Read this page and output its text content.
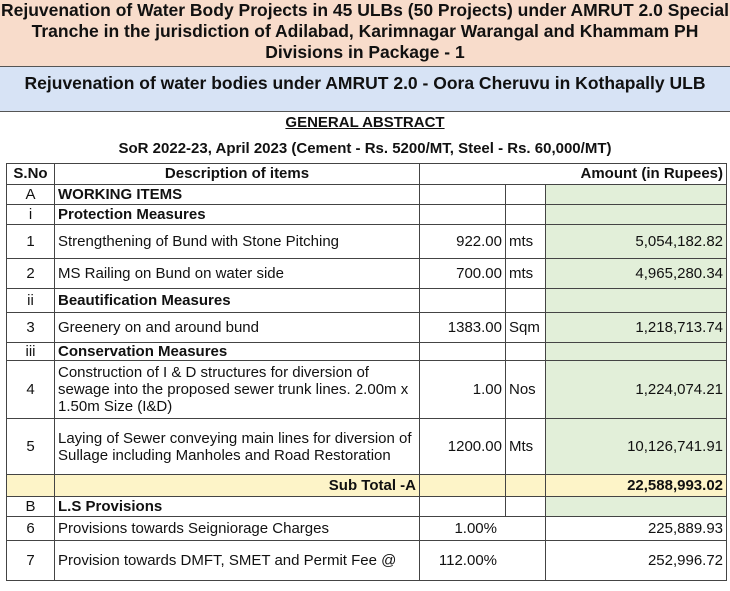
Rejuvenation of Water Body Projects in 45 ULBs (50 Projects) under AMRUT 2.0 Special Tranche in the jurisdiction of Adilabad, Karimnagar Warangal and Khammam PH Divisions in Package - 1
Rejuvenation of water bodies under AMRUT 2.0 - Oora Cheruvu in Kothapally ULB
GENERAL ABSTRACT
SoR 2022-23, April 2023 (Cement - Rs. 5200/MT, Steel - Rs. 60,000/MT)
S.No	Description of items	Amount (in Rupees)		
A	WORKING ITEMS			
i	Protection Measures			
1	Strengthening of Bund with Stone Pitching	922.00	mts	5,054,182.82
2	MS Railing on Bund on water side	700.00	mts	4,965,280.34
ii	Beautification Measures			
3	Greenery on and around bund	1383.00	Sqm	1,218,713.74
iii	Conservation Measures			
4	Construction of I & D structures for diversion of sewage into the proposed sewer trunk lines. 2.00m x 1.50m Size (I&D)	1.00	Nos	1,224,074.21
5	Laying of Sewer conveying main lines for diversion of Sullage including Manholes and Road Restoration	1200.00	Mts	10,126,741.91
	Sub Total -A			22,588,993.02
B	L.S Provisions			
6	Provisions towards Seigniorage Charges	1.00%		225,889.93
7	Provision towards DMFT, SMET and Permit Fee @	112.00%		252,996.72
